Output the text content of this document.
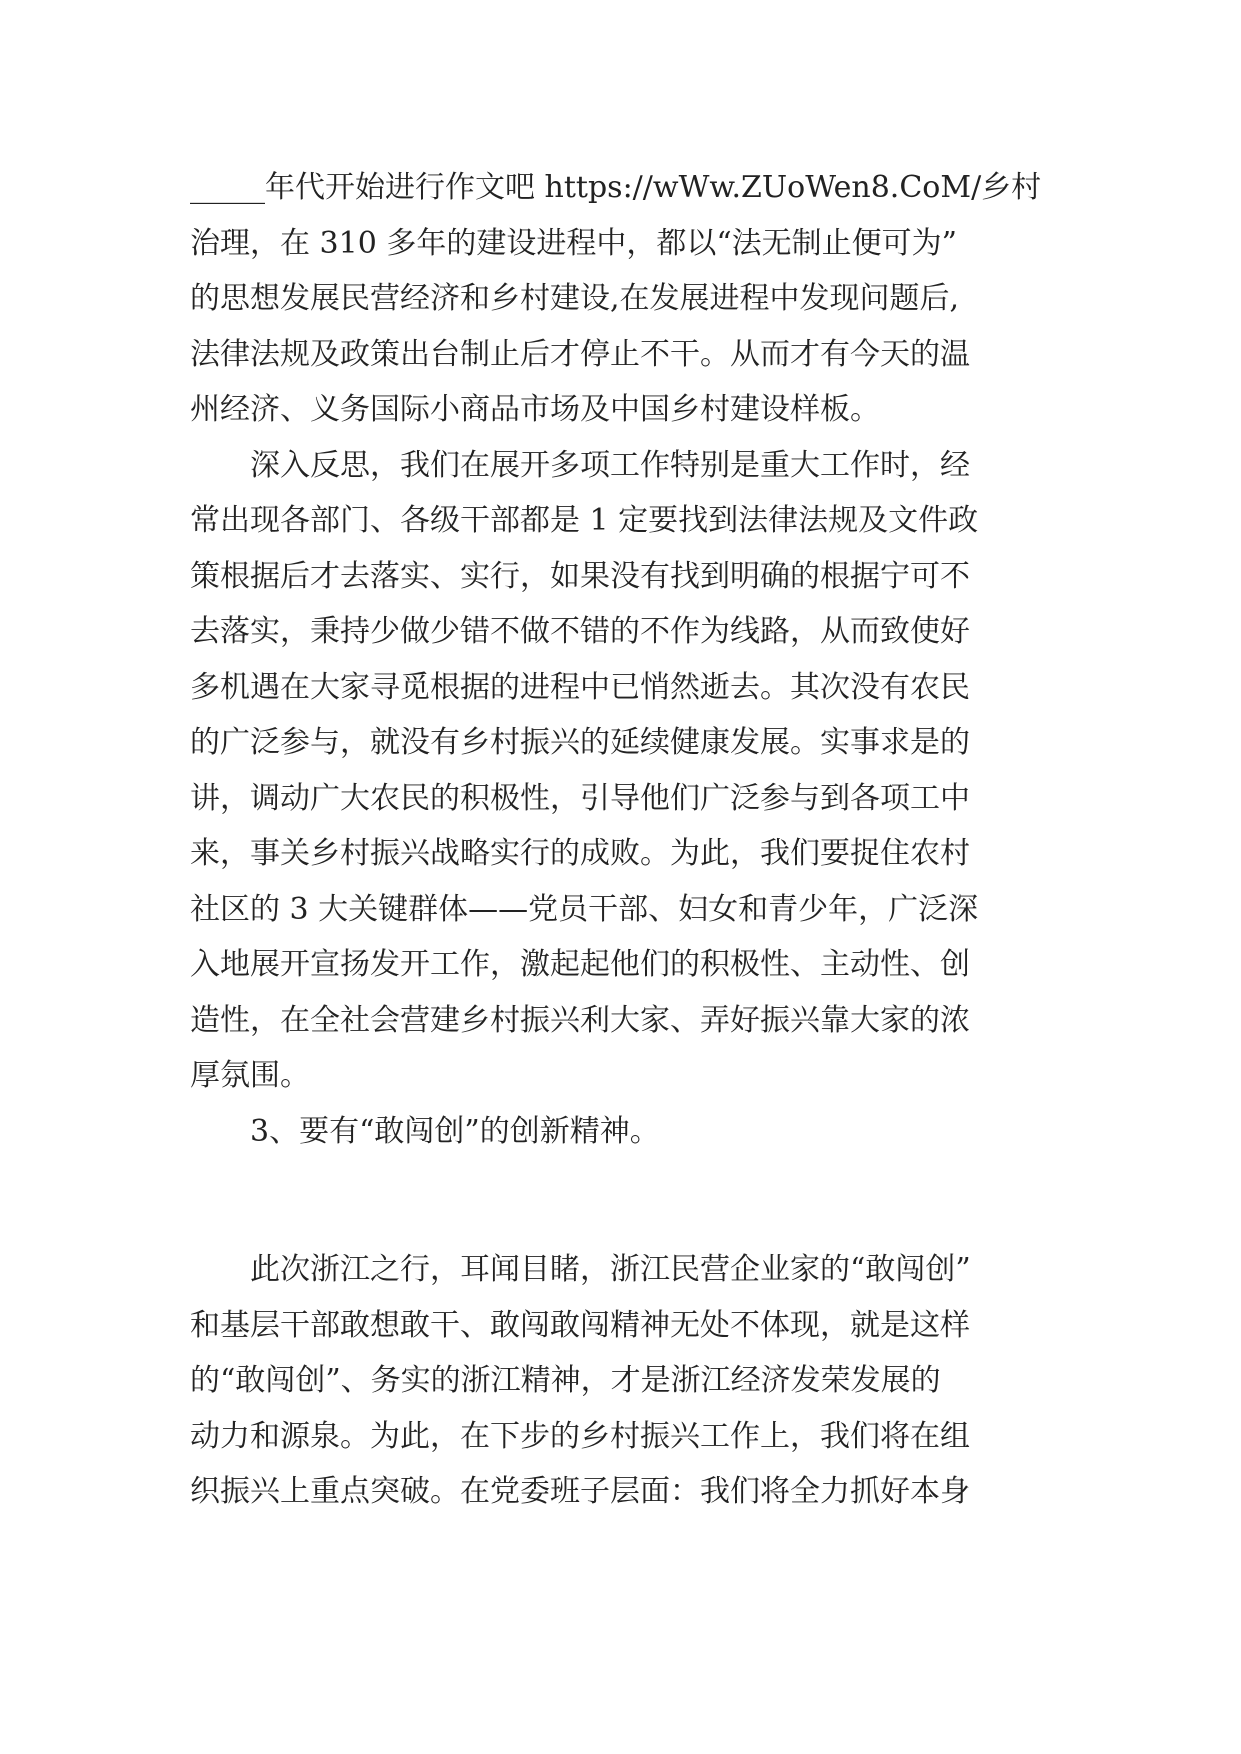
_____年代开始进行作文吧 https://wWw.ZUoWen8.CoM/乡村
治理，在 310 多年的建设进程中，都以“法无制止便可为”
的思想发展民营经济和乡村建设,在发展进程中发现问题后,
法律法规及政策出台制止后才停止不干。从而才有今天的温
州经济、义务国际小商品市场及中国乡村建设样板。
深入反思，我们在展开多项工作特别是重大工作时，经
常出现各部门、各级干部都是 1 定要找到法律法规及文件政
策根据后才去落实、实行，如果没有找到明确的根据宁可不
去落实，秉持少做少错不做不错的不作为线路，从而致使好
多机遇在大家寻觅根据的进程中已悄然逝去。其次没有农民
的广泛参与，就没有乡村振兴的延续健康发展。实事求是的
讲，调动广大农民的积极性，引导他们广泛参与到各项工中
来，事关乡村振兴战略实行的成败。为此，我们要捉住农村
社区的 3 大关键群体——党员干部、妇女和青少年，广泛深
入地展开宣扬发开工作，激起起他们的积极性、主动性、创
造性，在全社会营建乡村振兴利大家、弄好振兴靠大家的浓
厚氛围。
3、要有“敢闯创”的创新精神。
此次浙江之行，耳闻目睹，浙江民营企业家的“敢闯创”
和基层干部敢想敢干、敢闯敢闯精神无处不体现，就是这样
的“敢闯创”、务实的浙江精神，才是浙江经济发荣发展的
动力和源泉。为此，在下步的乡村振兴工作上，我们将在组
织振兴上重点突破。在党委班子层面：我们将全力抓好本身
